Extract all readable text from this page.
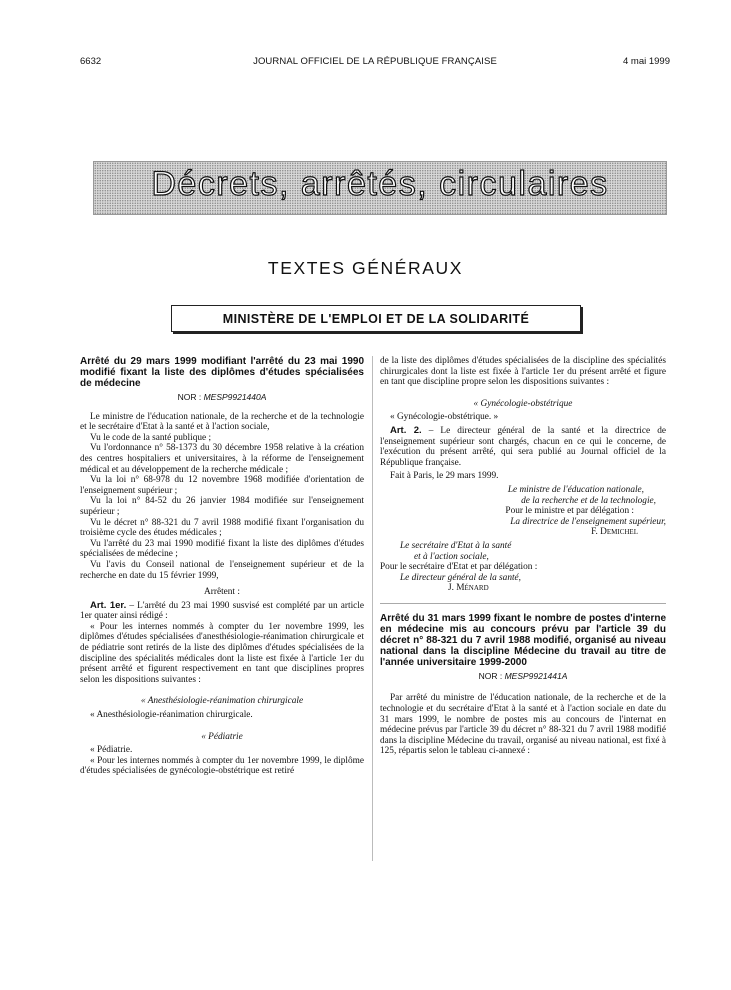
6632	JOURNAL OFFICIEL DE LA RÉPUBLIQUE FRANÇAISE	4 mai 1999
Décrets, arrêtés, circulaires
TEXTES GÉNÉRAUX
MINISTÈRE DE L'EMPLOI ET DE LA SOLIDARITÉ
Arrêté du 29 mars 1999 modifiant l'arrêté du 23 mai 1990 modifié fixant la liste des diplômes d'études spécialisées de médecine
NOR : MESP9921440A

Le ministre de l'éducation nationale, de la recherche et de la technologie et le secrétaire d'Etat à la santé et à l'action sociale,

Vu le code de la santé publique ;

Vu l'ordonnance n° 58-1373 du 30 décembre 1958 relative à la création des centres hospitaliers et universitaires, à la réforme de l'enseignement médical et au développement de la recherche médicale ;

Vu la loi n° 68-978 du 12 novembre 1968 modifiée d'orientation de l'enseignement supérieur ;

Vu la loi n° 84-52 du 26 janvier 1984 modifiée sur l'enseignement supérieur ;

Vu le décret n° 88-321 du 7 avril 1988 modifié fixant l'organisation du troisième cycle des études médicales ;

Vu l'arrêté du 23 mai 1990 modifié fixant la liste des diplômes d'études spécialisées de médecine ;

Vu l'avis du Conseil national de l'enseignement supérieur et de la recherche en date du 15 février 1999,

Arrêtent :

Art. 1er. – L'arrêté du 23 mai 1990 susvisé est complété par un article 1er quater ainsi rédigé :

« Pour les internes nommés à compter du 1er novembre 1999, les diplômes d'études spécialisées d'anesthésiologie-réanimation chirurgicale et de pédiatrie sont retirés de la liste des diplômes d'études spécialisées de la discipline des spécialités médicales dont la liste est fixée à l'article 1er du présent arrêté et figurent respectivement en tant que disciplines propres selon les dispositions suivantes :

« Anesthésiologie-réanimation chirurgicale

« Anesthésiologie-réanimation chirurgicale.

« Pédiatrie

« Pédiatrie.

« Pour les internes nommés à compter du 1er novembre 1999, le diplôme d'études spécialisées de gynécologie-obstétrique est retiré

de la liste des diplômes d'études spécialisées de la discipline des spécialités chirurgicales dont la liste est fixée à l'article 1er du présent arrêté et figure en tant que discipline propre selon les dispositions suivantes :

« Gynécologie-obstétrique

« Gynécologie-obstétrique. »

Art. 2. – Le directeur général de la santé et la directrice de l'enseignement supérieur sont chargés, chacun en ce qui le concerne, de l'exécution du présent arrêté, qui sera publié au Journal officiel de la République française.

Fait à Paris, le 29 mars 1999.

Le ministre de l'éducation nationale,

de la recherche et de la technologie,

Pour le ministre et par délégation :

La directrice de l'enseignement supérieur,

F. Demichel

Le secrétaire d'Etat à la santé

et à l'action sociale,

Pour le secrétaire d'Etat et par délégation :

Le directeur général de la santé,

J. Ménard

Arrêté du 31 mars 1999 fixant le nombre de postes d'interne en médecine mis au concours prévu par l'article 39 du décret n° 88-321 du 7 avril 1988 modifié, organisé au niveau national dans la discipline Médecine du travail au titre de l'année universitaire 1999-2000
NOR : MESP9921441A

Par arrêté du ministre de l'éducation nationale, de la recherche et de la technologie et du secrétaire d'Etat à la santé et à l'action sociale en date du 31 mars 1999, le nombre de postes mis au concours de l'internat en médecine prévus par l'article 39 du décret n° 88-321 du 7 avril 1988 modifié dans la discipline Médecine du travail, organisé au niveau national, est fixé à 125, répartis selon le tableau ci-annexé :
